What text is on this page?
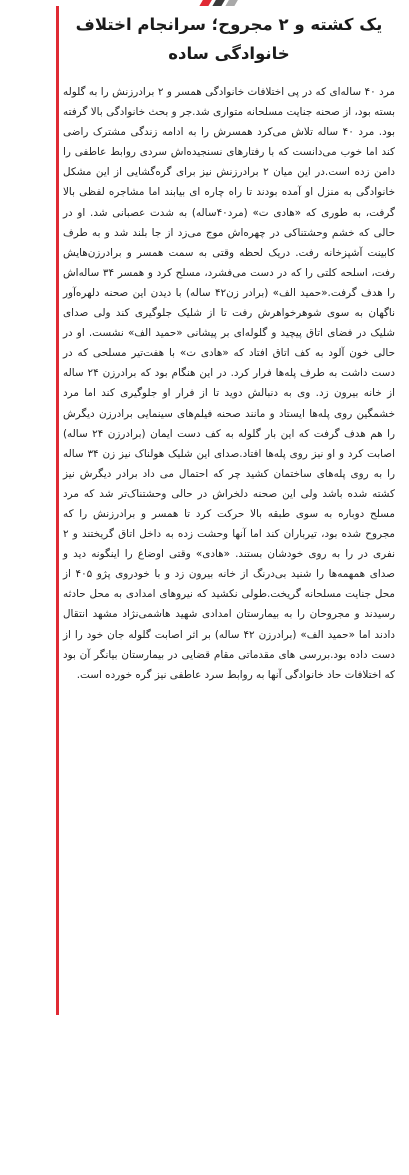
یک کشته و ۲ مجروح؛ سرانجام اختلاف خانوادگی ساده

مرد ۴۰ ساله‌ای که در پی اختلافات خانوادگی همسر و ۲ برادرزنش را به گلوله بسته بود، از صحنه جنایت مسلحانه متواری شد.جر و بحث خانوادگی بالا گرفته بود. مرد ۴۰ ساله تلاش می‌کرد همسرش را به ادامه زندگی مشترک راضی کند اما خوب می‌دانست که با رفتارهای نسنجیده‌اش سردی روابط عاطفی را دامن زده است.در این میان ۲ برادرزنش نیز برای گره‌گشایی از این مشکل خانوادگی به منزل او آمده بودند تا راه چاره ای بیابند اما مشاجره لفظی بالا گرفت، به طوری که «هادی ت» (مرد۴۰ساله) به شدت عصبانی شد. او در حالی که خشم وحشتناکی در چهره‌اش موج می‌زد از جا بلند شد و به طرف کابینت آشپزخانه رفت. دریک لحظه وقتی به سمت همسر و برادرزن‌هایش رفت، اسلحه کلتی را که در دست می‌فشرد، مسلح کرد و همسر ۳۴ ساله‌اش را هدف گرفت.«حمید الف» (برادر زن۴۲ ساله) با دیدن این صحنه دلهره‌آور ناگهان به سوی شوهرخواهرش رفت تا از شلیک جلوگیری کند ولی صدای شلیک در فضای اتاق پیچید و گلوله‌ای بر پیشانی «حمید الف» نشست. او در حالی خون آلود به کف اتاق افتاد که «هادی ت» با هفت‌تیر مسلحی که در دست داشت به طرف پله‌ها فرار کرد. در این هنگام بود که برادرزن ۲۴ ساله از خانه بیرون زد. وی به دنبالش دوید تا از فرار او جلوگیری کند اما مرد خشمگین روی پله‌ها ایستاد و مانند صحنه فیلم‌های سینمایی برادرزن دیگرش را هم هدف گرفت که این بار گلوله به کف دست ایمان (برادرزن ۲۴ ساله) اصابت کرد و او نیز روی پله‌ها افتاد.صدای این شلیک هولناک نیز زن ۳۴ ساله را به روی پله‌های ساختمان کشید چر که احتمال می داد برادر دیگرش نیز کشته شده باشد ولی این صحنه دلخراش در حالی وحشتناک‌تر شد که مرد مسلح دوباره به سوی طبقه بالا حرکت کرد تا همسر و برادرزنش را که مجروح شده بود، تیرباران کند اما آنها وحشت زده به داخل اتاق گریختند و ۲ نفری در را به روی خودشان بستند. «هادی» وقتی اوضاع را اینگونه دید و صدای همهمه‌ها را شنید بی‌درنگ از خانه بیرون زد و با خودروی پژو ۴۰۵ از محل جنایت مسلحانه گریخت.طولی نکشید که نیروهای امدادی به محل حادثه رسیدند و مجروحان را به بیمارستان امدادی شهید هاشمی‌نژاد مشهد انتقال دادند اما «حمید الف» (برادرزن ۴۲ ساله) بر اثر اصابت گلوله جان خود را از دست داده بود.بررسی های مقدماتی مقام قضایی در بیمارستان بیانگر آن بود که اختلافات حاد خانوادگی آنها به روابط سرد عاطفی نیز گره خورده است.
